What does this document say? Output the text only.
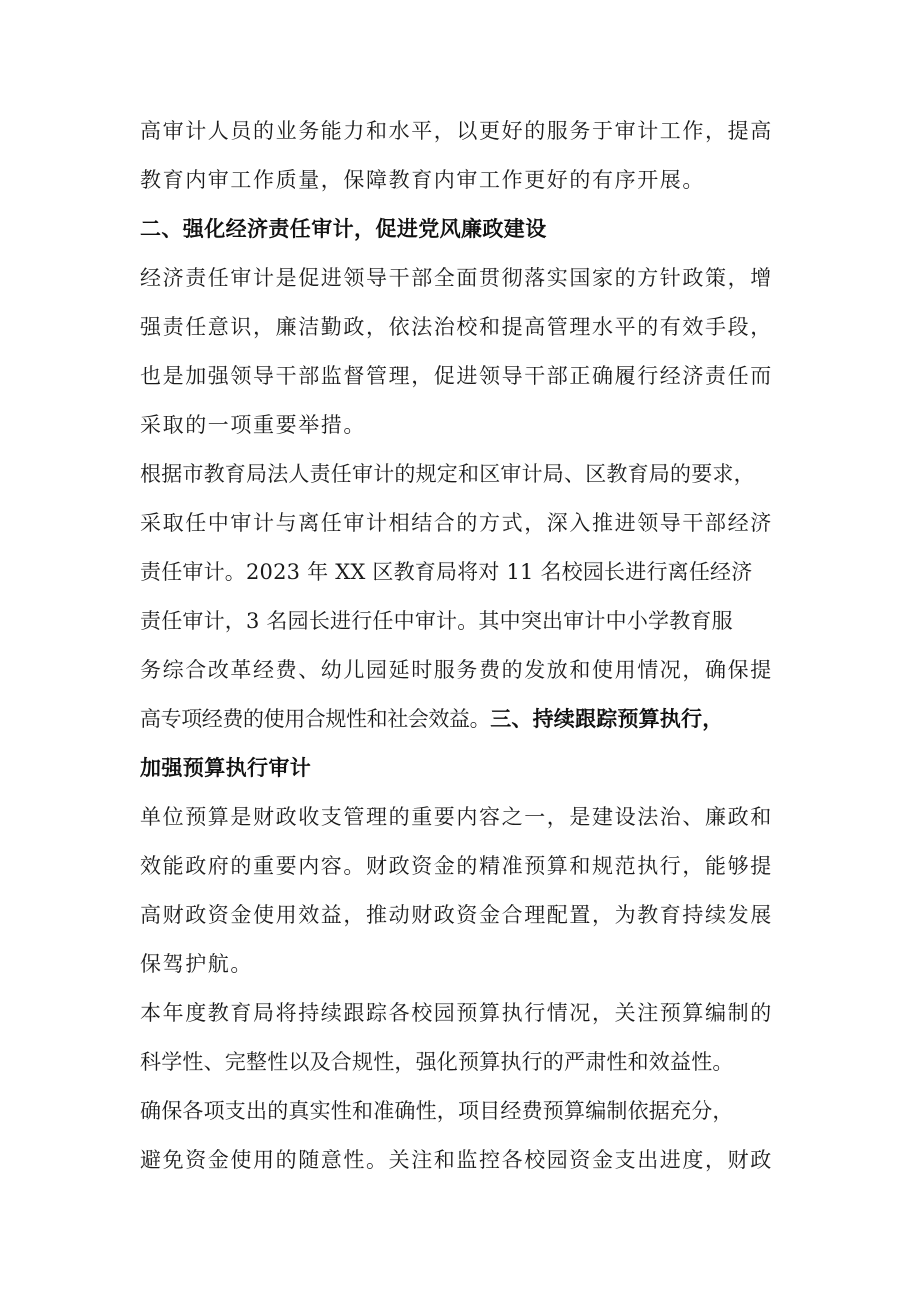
高审计人员的业务能力和水平，以更好的服务于审计工作，提高
教育内审工作质量，保障教育内审工作更好的有序开展。
二、强化经济责任审计，促进党风廉政建设
经济责任审计是促进领导干部全面贯彻落实国家的方针政策，增
强责任意识，廉洁勤政，依法治校和提高管理水平的有效手段，
也是加强领导干部监督管理，促进领导干部正确履行经济责任而
采取的一项重要举措。
根据市教育局法人责任审计的规定和区审计局、区教育局的要求，
采取任中审计与离任审计相结合的方式，深入推进领导干部经济
责任审计。2023 年 XX 区教育局将对 11 名校园长进行离任经济
责任审计，3 名园长进行任中审计。其中突出审计中小学教育服
务综合改革经费、幼儿园延时服务费的发放和使用情况，确保提
高专项经费的使用合规性和社会效益。三、持续跟踪预算执行，
加强预算执行审计
单位预算是财政收支管理的重要内容之一，是建设法治、廉政和
效能政府的重要内容。财政资金的精准预算和规范执行，能够提
高财政资金使用效益，推动财政资金合理配置，为教育持续发展
保驾护航。
本年度教育局将持续跟踪各校园预算执行情况，关注预算编制的
科学性、完整性以及合规性，强化预算执行的严肃性和效益性。
确保各项支出的真实性和准确性，项目经费预算编制依据充分，
避免资金使用的随意性。关注和监控各校园资金支出进度，财政
